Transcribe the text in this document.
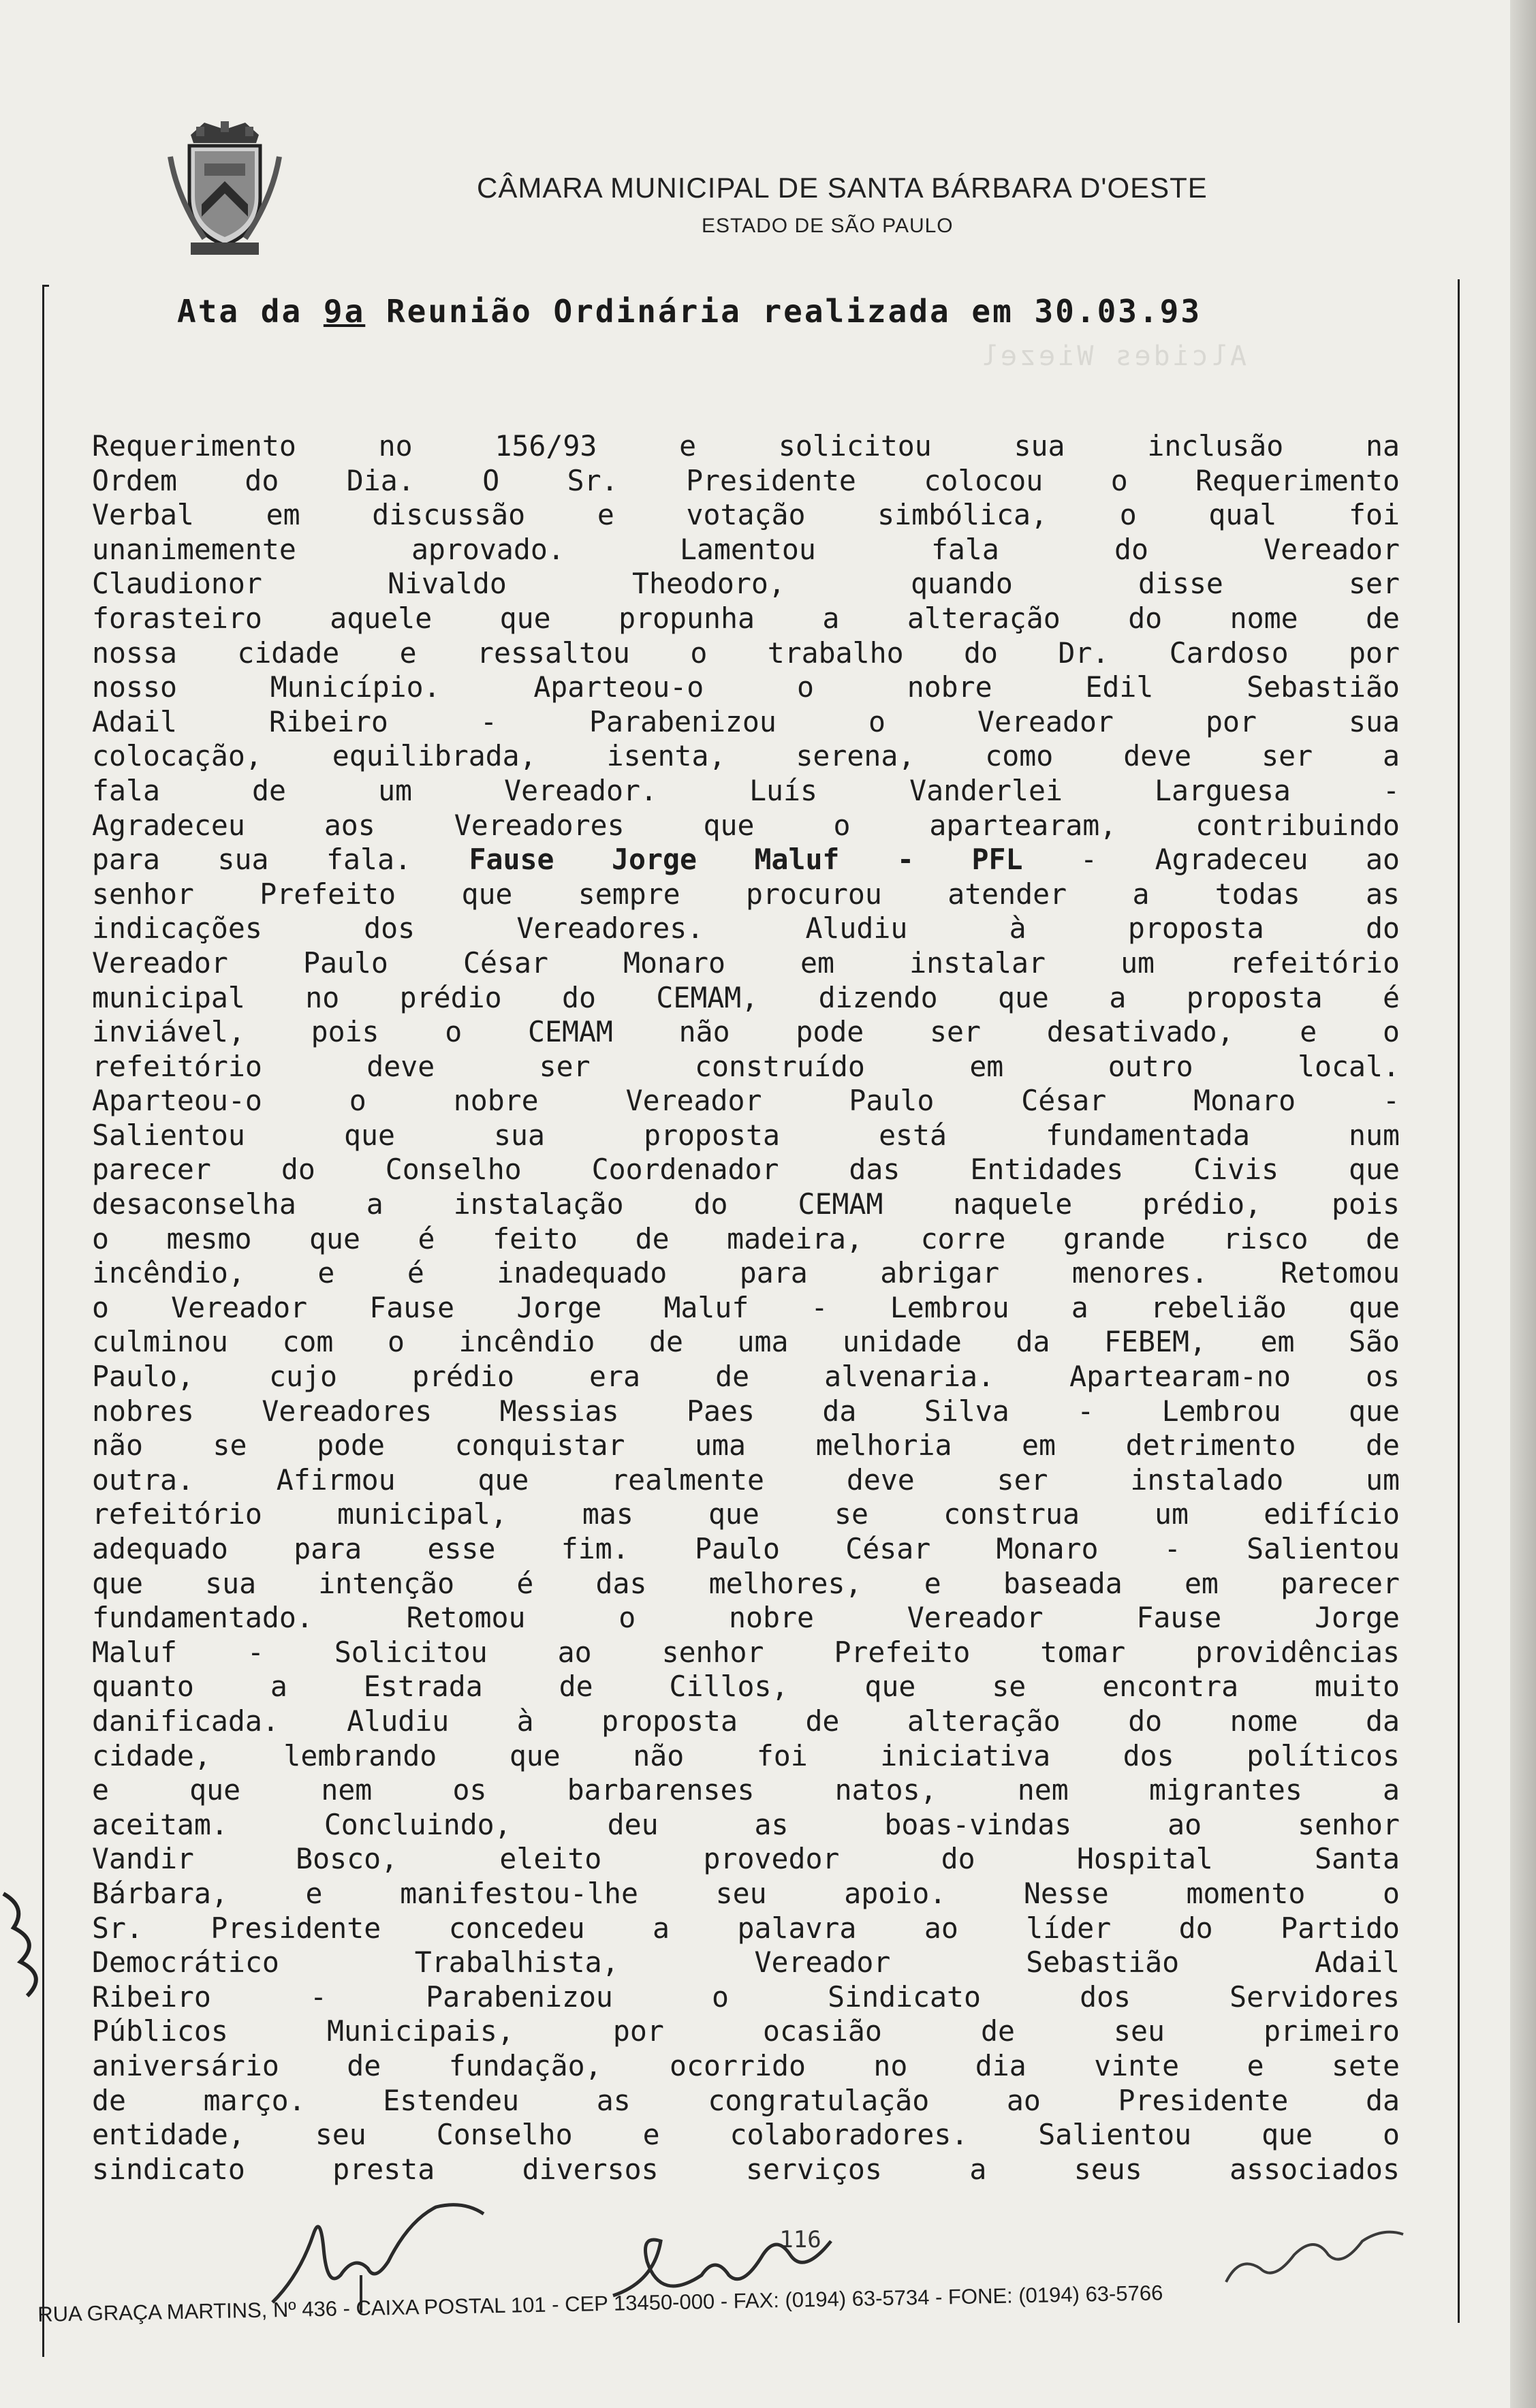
CÂMARA MUNICIPAL DE SANTA BÁRBARA D'OESTE
ESTADO DE SÃO PAULO
Ata da 9a Reunião Ordinária realizada em 30.03.93
Alcides Wiezel
Requerimento no 156/93 e solicitou sua inclusão na
Ordem do Dia. O Sr. Presidente colocou o Requerimento
Verbal em discussão e votação simbólica, o qual foi
unanimemente aprovado. Lamentou fala do Vereador
Claudionor Nivaldo Theodoro, quando disse ser
forasteiro aquele que propunha a alteração do nome de
nossa cidade e ressaltou o trabalho do Dr. Cardoso por
nosso Município. Aparteou-o o nobre Edil Sebastião
Adail Ribeiro - Parabenizou o Vereador por sua
colocação, equilibrada, isenta, serena, como deve ser a
fala de um Vereador. Luís Vanderlei Larguesa -
Agradeceu aos Vereadores que o apartearam, contribuindo
para sua fala. Fause Jorge Maluf - PFL - Agradeceu ao
senhor Prefeito que sempre procurou atender a todas as
indicações dos Vereadores. Aludiu à proposta do
Vereador Paulo César Monaro em instalar um refeitório
municipal no prédio do CEMAM, dizendo que a proposta é
inviável, pois o CEMAM não pode ser desativado, e o
refeitório deve ser construído em outro local.
Aparteou-o o nobre Vereador Paulo César Monaro -
Salientou que sua proposta está fundamentada num
parecer do Conselho Coordenador das Entidades Civis que
desaconselha a instalação do CEMAM naquele prédio, pois
o mesmo que é feito de madeira, corre grande risco de
incêndio, e é inadequado para abrigar menores. Retomou
o Vereador Fause Jorge Maluf - Lembrou a rebelião que
culminou com o incêndio de uma unidade da FEBEM, em São
Paulo, cujo prédio era de alvenaria. Apartearam-no os
nobres Vereadores Messias Paes da Silva - Lembrou que
não se pode conquistar uma melhoria em detrimento de
outra. Afirmou que realmente deve ser instalado um
refeitório municipal, mas que se construa um edifício
adequado para esse fim. Paulo César Monaro - Salientou
que sua intenção é das melhores, e baseada em parecer
fundamentado. Retomou o nobre Vereador Fause Jorge
Maluf - Solicitou ao senhor Prefeito tomar providências
quanto a Estrada de Cillos, que se encontra muito
danificada. Aludiu à proposta de alteração do nome da
cidade, lembrando que não foi iniciativa dos políticos
e que nem os barbarenses natos, nem migrantes a
aceitam. Concluindo, deu as boas-vindas ao senhor
Vandir Bosco, eleito provedor do Hospital Santa
Bárbara, e manifestou-lhe seu apoio. Nesse momento o
Sr. Presidente concedeu a palavra ao líder do Partido
Democrático Trabalhista, Vereador Sebastião Adail
Ribeiro - Parabenizou o Sindicato dos Servidores
Públicos Municipais, por ocasião de seu primeiro
aniversário de fundação, ocorrido no dia vinte e sete
de março. Estendeu as congratulação ao Presidente da
entidade, seu Conselho e colaboradores. Salientou que o
sindicato presta diversos serviços a seus associados
116
RUA GRAÇA MARTINS, Nº 436 - CAIXA POSTAL 101 - CEP 13450-000 - FAX: (0194) 63-5734 - FONE: (0194) 63-5766
